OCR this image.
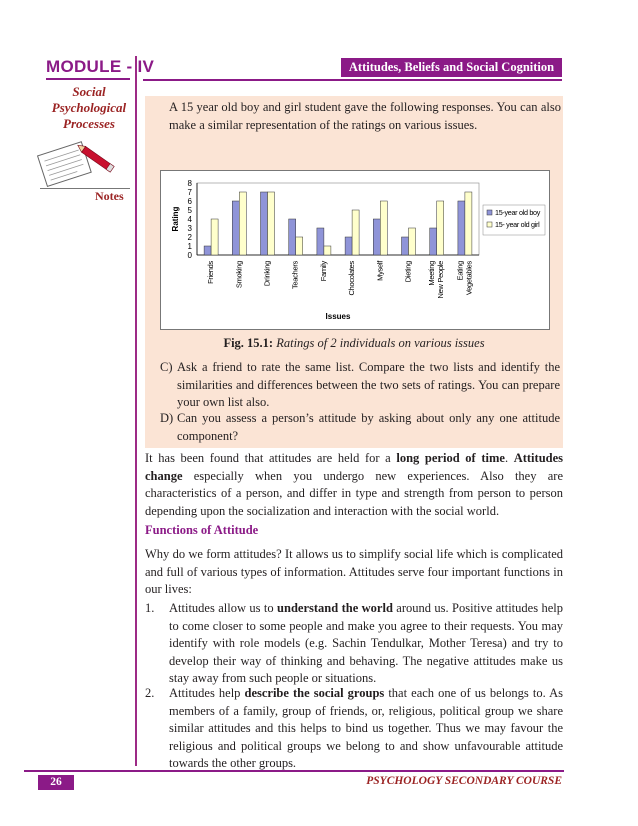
MODULE - IV
Social Psychological Processes
Notes
Attitudes, Beliefs and Social Cognition
A 15 year old boy and girl student gave the following responses. You can also make a similar representation of the ratings on various issues.
0
1
2
3
4
5
6
7
8
Friends	Smoking	Drinking	Teachers	Family	Chocolates	Myself	Dieting Meeting New People Eating Vegetables
Rating
Issues
15-year old boy
15- year old girl
Fig. 15.1: Ratings of 2 individuals on various issues
C) Ask a friend to rate the same list. Compare the two lists and identify the similarities and differences between the two sets of ratings. You can prepare your own list also.
D) Can you assess a person’s attitude by asking about only any one attitude component?
It has been found that attitudes are held for a long period of time. Attitudes change especially when you undergo new experiences. Also they are characteristics of a person, and differ in type and strength from person to person depending upon the socialization and interaction with the social world.
Functions of Attitude
Why do we form attitudes? It allows us to simplify social life which is complicated and full of various types of information. Attitudes serve four important functions in our lives:
1. Attitudes allow us to understand the world around us. Positive attitudes help to come closer to some people and make you agree to their requests. You may identify with role models (e.g. Sachin Tendulkar, Mother Teresa) and try to develop their way of thinking and behaving. The negative attitudes make us stay away from such people or situations.
2. Attitudes help describe the social groups that each one of us belongs to. As members of a family, group of friends, or, religious, political group we share similar attitudes and this helps to bind us together. Thus we may favour the religious and political groups we belong to and show unfavourable attitude towards the other groups.
26	PSYCHOLOGY SECONDARY COURSE
